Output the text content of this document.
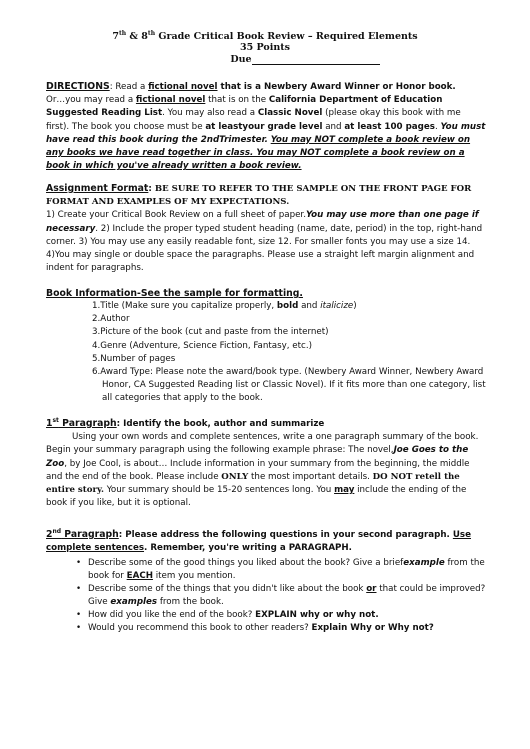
7th & 8th Grade Critical Book Review – Required Elements
35 Points
Due
DIRECTIONS: Read a fictional novel that is a Newbery Award Winner or Honor book.
Or…you may read a fictional novel that is on the California Department of Education Suggested Reading List. You may also read a Classic Novel (please okay this book with me first). The book you choose must be at leastyour grade level and at least 100 pages. You must have read this book during the 2ndTrimester. You may NOT complete a book review on any books we have read together in class. You may NOT complete a book review on a book in which you've already written a book review.
Assignment Format: BE SURE TO REFER TO THE SAMPLE ON THE FRONT PAGE FOR FORMAT AND EXAMPLES OF MY EXPECTATIONS.
1) Create your Critical Book Review on a full sheet of paper.You may use more than one page if necessary. 2) Include the proper typed student heading (name, date, period) in the top, right-hand corner. 3) You may use any easily readable font, size 12. For smaller fonts you may use a size 14. 4)You may single or double space the paragraphs. Please use a straight left margin alignment and indent for paragraphs.
Book Information-See the sample for formatting.
1.Title (Make sure you capitalize properly, bold and italicize)
2.Author
3.Picture of the book (cut and paste from the internet)
4.Genre (Adventure, Science Fiction, Fantasy, etc.)
5.Number of pages
6.Award Type: Please note the award/book type. (Newbery Award Winner, Newbery Award Honor, CA Suggested Reading list or Classic Novel). If it fits more than one category, list all categories that apply to the book.
1st Paragraph: Identify the book, author and summarize
Using your own words and complete sentences, write a one paragraph summary of the book. Begin your summary paragraph using the following example phrase: The novel,Joe Goes to the Zoo, by Joe Cool, is about… Include information in your summary from the beginning, the middle and the end of the book. Please include ONLY the most important details. DO NOT retell the entire story. Your summary should be 15-20 sentences long. You may include the ending of the book if you like, but it is optional.
2nd Paragraph: Please address the following questions in your second paragraph. Use complete sentences. Remember, you're writing a PARAGRAPH.
• Describe some of the good things you liked about the book? Give a briefexample from the book for EACH item you mention.
• Describe some of the things that you didn't like about the book or that could be improved? Give examples from the book.
• How did you like the end of the book? EXPLAIN why or why not.
• Would you recommend this book to other readers? Explain Why or Why not?
